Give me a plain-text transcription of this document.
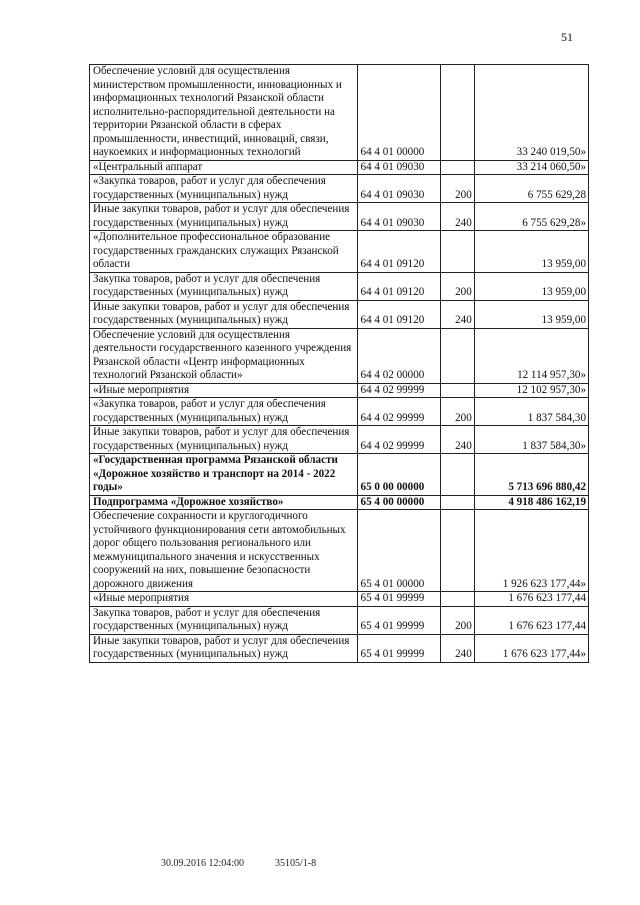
51
Обеспечение условий для осуществления министерством промышленности, инновационных и информационных технологий Рязанской области исполнительно-распорядительной деятельности на территории Рязанской области в сферах промышленности, инвестиций, инноваций, связи, наукоемких и информационных технологий	64 4 01 00000		33 240 019,50»
«Центральный аппарат	64 4 01 09030		33 214 060,50»
«Закупка товаров, работ и услуг для обеспечения государственных (муниципальных) нужд	64 4 01 09030	200	6 755 629,28
Иные закупки товаров, работ и услуг для обеспечения государственных (муниципальных) нужд	64 4 01 09030	240	6 755 629,28»
«Дополнительное профессиональное образование государственных гражданских служащих Рязанской области	64 4 01 09120		13 959,00
Закупка товаров, работ и услуг для обеспечения государственных (муниципальных) нужд	64 4 01 09120	200	13 959,00
Иные закупки товаров, работ и услуг для обеспечения государственных (муниципальных) нужд	64 4 01 09120	240	13 959,00
Обеспечение условий для осуществления деятельности государственного казенного учреждения Рязанской области «Центр информационных технологий Рязанской области»	64 4 02 00000		12 114 957,30»
«Иные мероприятия	64 4 02 99999		12 102 957,30»
«Закупка товаров, работ и услуг для обеспечения государственных (муниципальных) нужд	64 4 02 99999	200	1 837 584,30
Иные закупки товаров, работ и услуг для обеспечения государственных (муниципальных) нужд	64 4 02 99999	240	1 837 584,30»
«Государственная программа Рязанской области «Дорожное хозяйство и транспорт на 2014 - 2022 годы»	65 0 00 00000		5 713 696 880,42
Подпрограмма «Дорожное хозяйство»	65 4 00 00000		4 918 486 162,19
Обеспечение сохранности и круглогодичного устойчивого функционирования сети автомобильных дорог общего пользования регионального или межмуниципального значения и искусственных сооружений на них, повышение безопасности дорожного движения	65 4 01 00000		1 926 623 177,44»
«Иные мероприятия	65 4 01 99999		1 676 623 177,44
Закупка товаров, работ и услуг для обеспечения государственных (муниципальных) нужд	65 4 01 99999	200	1 676 623 177,44
Иные закупки товаров, работ и услуг для обеспечения государственных (муниципальных) нужд	65 4 01 99999	240	1 676 623 177,44»
30.09.2016 12:04:00	35105/1-8
